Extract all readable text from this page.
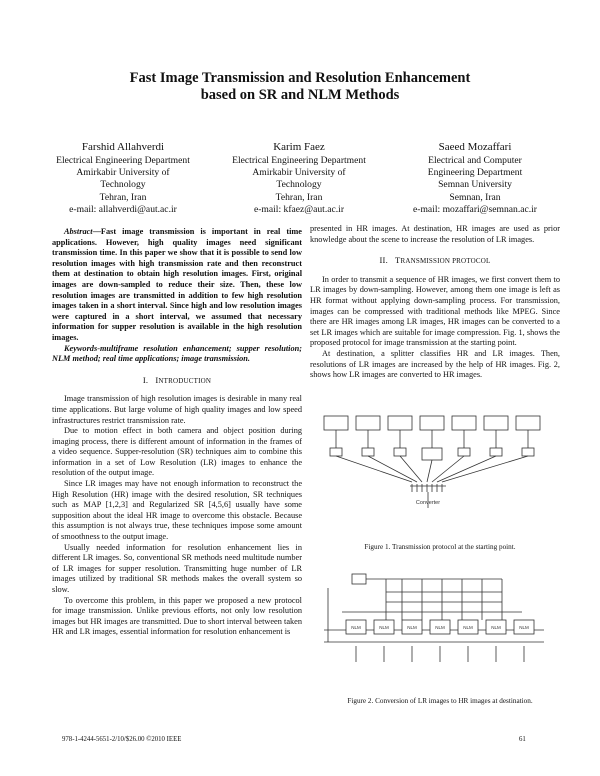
Fast Image Transmission and Resolution Enhancement
based on SR and NLM Methods
Farshid Allahverdi
Electrical Engineering Department
Amirkabir University of
Technology
Tehran, Iran
e-mail: allahverdi@aut.ac.ir
Karim Faez
Electrical Engineering Department
Amirkabir University of
Technology
Tehran, Iran
e-mail: kfaez@aut.ac.ir
Saeed Mozaffari
Electrical and Computer
Engineering Department
Semnan University
Semnan, Iran
e-mail: mozaffari@semnan.ac.ir

Abstract—Fast image transmission is important in real time applications. However, high quality images need significant transmission time. In this paper we show that it is possible to send low resolution images with high transmission rate and then reconstruct them at destination to obtain high resolution images. First, original images are down-sampled to reduce their size. Then, these low resolution images are transmitted in addition to few high resolution images taken in a short interval. Since high and low resolution images were captured in a short interval, we assumed that necessary information for supper resolution is available in the high resolution images.

Keywords-multiframe resolution enhancement; supper resolution; NLM method; real time applications; image transmission.

I. INTRODUCTION

Image transmission of high resolution images is desirable in many real time applications. But large volume of high quality images and low speed infrastructures restrict transmission rate.

Due to motion effect in both camera and object position during imaging process, there is different amount of information in the frames of a video sequence. Supper-resolution (SR) techniques aim to combine this information in a set of Low Resolution (LR) images to enhance the resolution of the output image.

Since LR images may have not enough information to reconstruct the High Resolution (HR) image with the desired resolution, SR techniques such as MAP [1,2,3] and Regularized SR [4,5,6] usually have some supposition about the ideal HR image to overcome this obstacle. Because this assumption is not always true, these techniques impose some amount of smoothness to the output image.

Usually needed information for resolution enhancement lies in different LR images. So, conventional SR methods need multitude number of LR images for supper resolution. Transmitting huge number of LR images utilized by traditional SR methods makes the overall system so slow.

To overcome this problem, in this paper we proposed a new protocol for image transmission. Unlike previous efforts, not only low resolution images but HR images are transmitted. Due to short interval between taken HR and LR images, essential information for resolution enhancement is

presented in HR images. At destination, HR images are used as prior knowledge about the scene to increase the resolution of LR images.

II. TRANSMISSION PROTOCOL

In order to transmit a sequence of HR images, we first convert them to LR images by down-sampling. However, among them one image is left as HR format without applying down-sampling process. For transmission, images can be compressed with traditional methods like MPEG. Since there are HR images among LR images, HR images can be converted to a set LR images which are suitable for image compression. Fig. 1, shows the proposed protocol for image transmission at the starting point.

At destination, a splitter classifies HR and LR images. Then, resolutions of LR images are increased by the help of HR images. Fig. 2, shows how LR images are converted to HR images.

Converter
Figure 1. Transmission protocol at the starting point.
NLM	NLM	NLM	NLM	NLM	NLM	NLM
Figure 2. Conversion of LR images to HR images at destination.
978-1-4244-5651-2/10/$26.00 ©2010 IEEE	61
